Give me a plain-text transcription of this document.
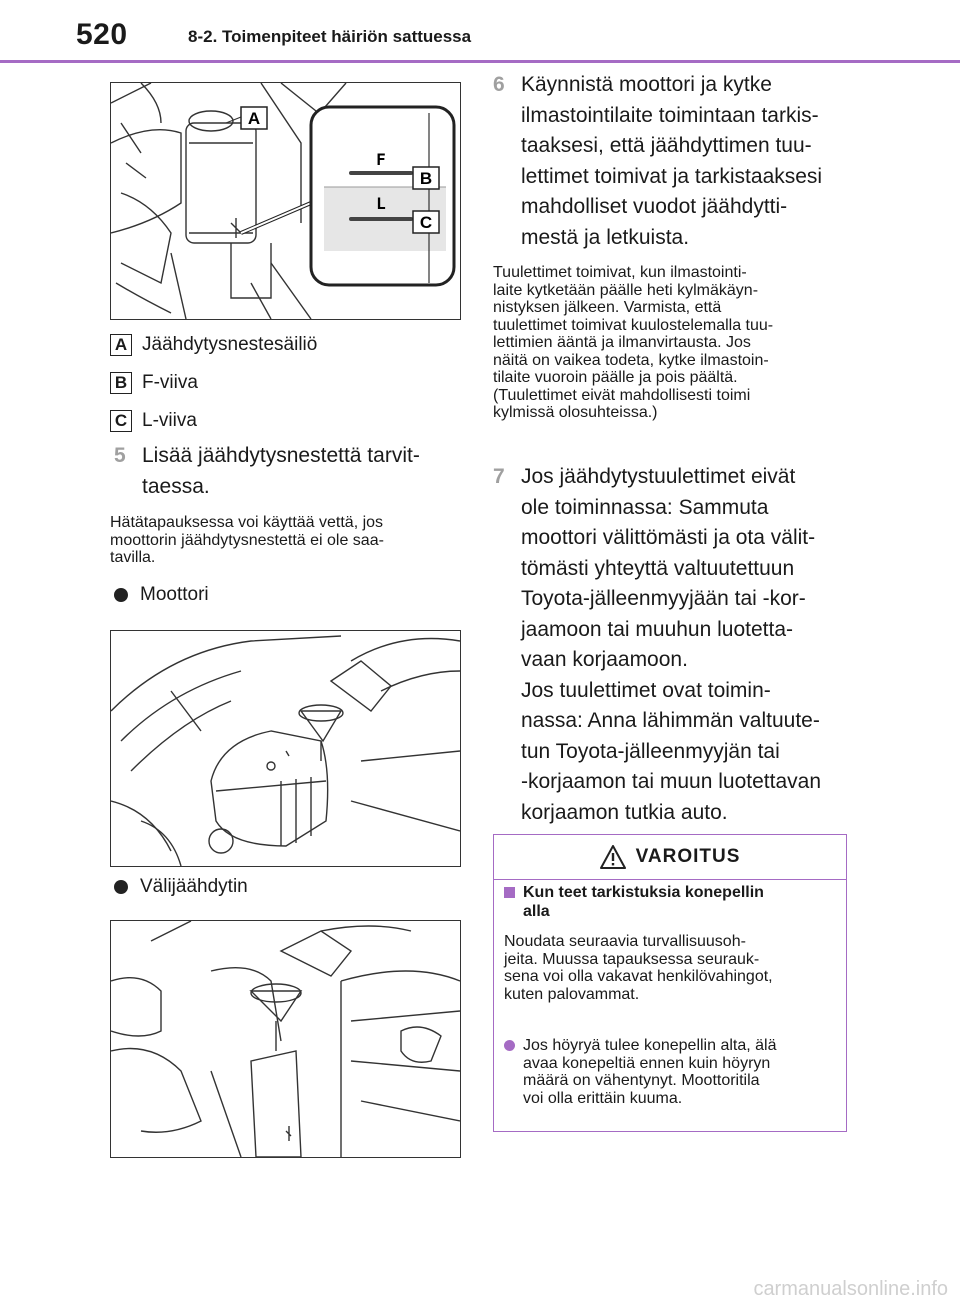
520	8-2. Toimenpiteet häiriön sattuessa
A
F
L
B
C
A Jäähdytysnestesäiliö
B F-viiva
C L-viiva
5 Lisää jäähdytysnestettä tarvit-
taessa.
Hätätapauksessa voi käyttää vettä, jos
moottorin jäähdytysnestettä ei ole saa-
tavilla.
Moottori
Välijäähdytin
6 Käynnistä moottori ja kytke
ilmastointilaite toimintaan tarkis-
taaksesi, että jäähdyttimen tuu-
lettimet toimivat ja tarkistaaksesi
mahdolliset vuodot jäähdytti-
mestä ja letkuista.
Tuulettimet toimivat, kun ilmastointi-
laite kytketään päälle heti kylmäkäyn-
nistyksen jälkeen. Varmista, että
tuulettimet toimivat kuulostelemalla tuu-
lettimien ääntä ja ilmanvirtausta. Jos
näitä on vaikea todeta, kytke ilmastoin-
tilaite vuoroin päälle ja pois päältä.
(Tuulettimet eivät mahdollisesti toimi
kylmissä olosuhteissa.)
7 Jos jäähdytystuulettimet eivät
ole toiminnassa: Sammuta
moottori välittömästi ja ota välit-
tömästi yhteyttä valtuutettuun
Toyota-jälleenmyyjään tai -kor-
jaamoon tai muuhun luotetta-
vaan korjaamoon.
Jos tuulettimet ovat toimin-
nassa: Anna lähimmän valtuute-
tun Toyota-jälleenmyyjän tai
-korjaamon tai muun luotettavan
korjaamon tutkia auto.
VAROITUS
Kun teet tarkistuksia konepellin
alla
Noudata seuraavia turvallisuusoh-
jeita. Muussa tapauksessa seurauk-
sena voi olla vakavat henkilövahingot,
kuten palovammat.
Jos höyryä tulee konepellin alta, älä
avaa konepeltiä ennen kuin höyryn
määrä on vähentynyt. Moottoritila
voi olla erittäin kuuma.
carmanualsonline.info
